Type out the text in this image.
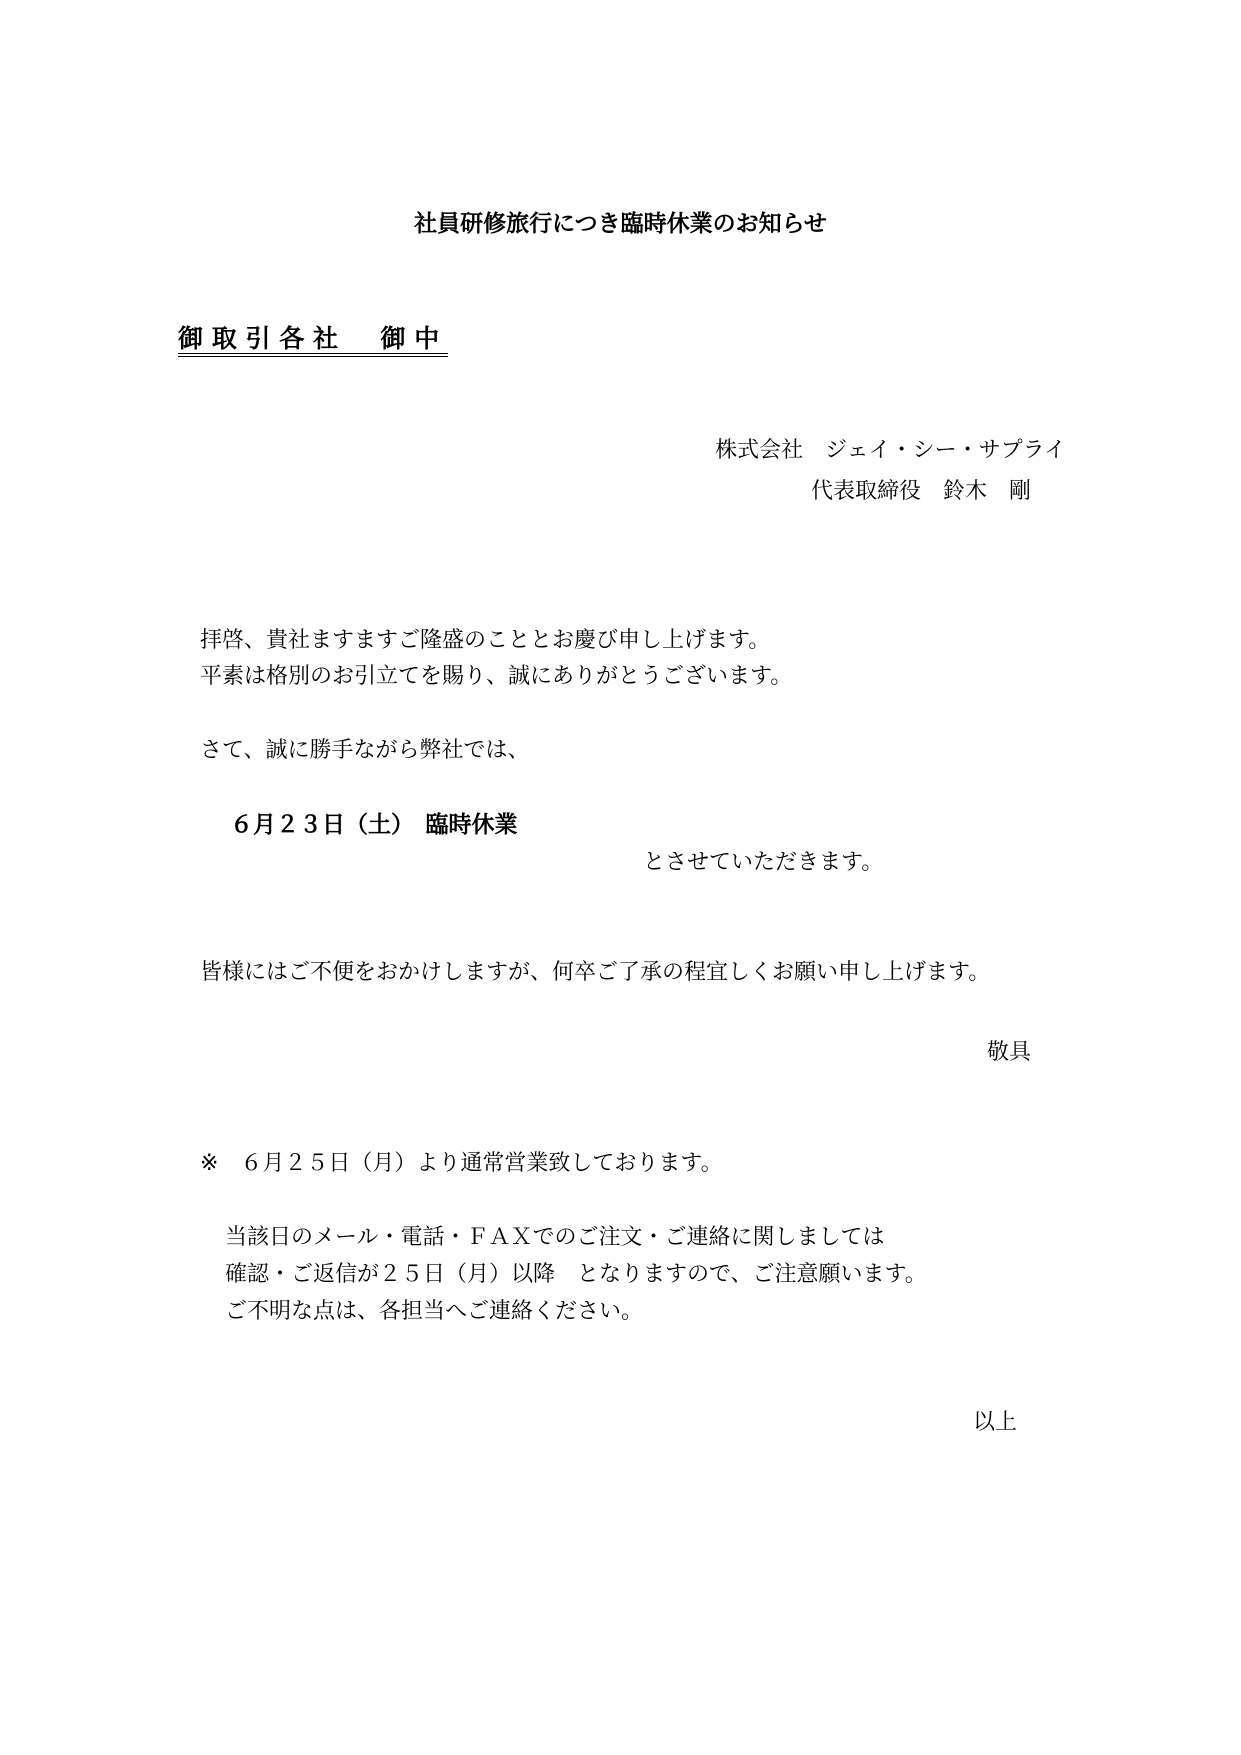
社員研修旅行につき臨時休業のお知らせ
御取引各社　御中
株式会社　ジェイ・シー・サプライ
代表取締役　鈴木　剛
拝啓、貴社ますますご隆盛のこととお慶び申し上げます。
平素は格別のお引立てを賜り、誠にありがとうございます。
さて、誠に勝手ながら弊社では、
６月２３日（土）　臨時休業
とさせていただきます。
皆様にはご不便をおかけしますが、何卒ご了承の程宜しくお願い申し上げます。
敬具
※　６月２５日（月）より通常営業致しております。
当該日のメール・電話・ＦＡＸでのご注文・ご連絡に関しましては
確認・ご返信が２５日（月）以降　となりますので、ご注意願います。
ご不明な点は、各担当へご連絡ください。
以上
